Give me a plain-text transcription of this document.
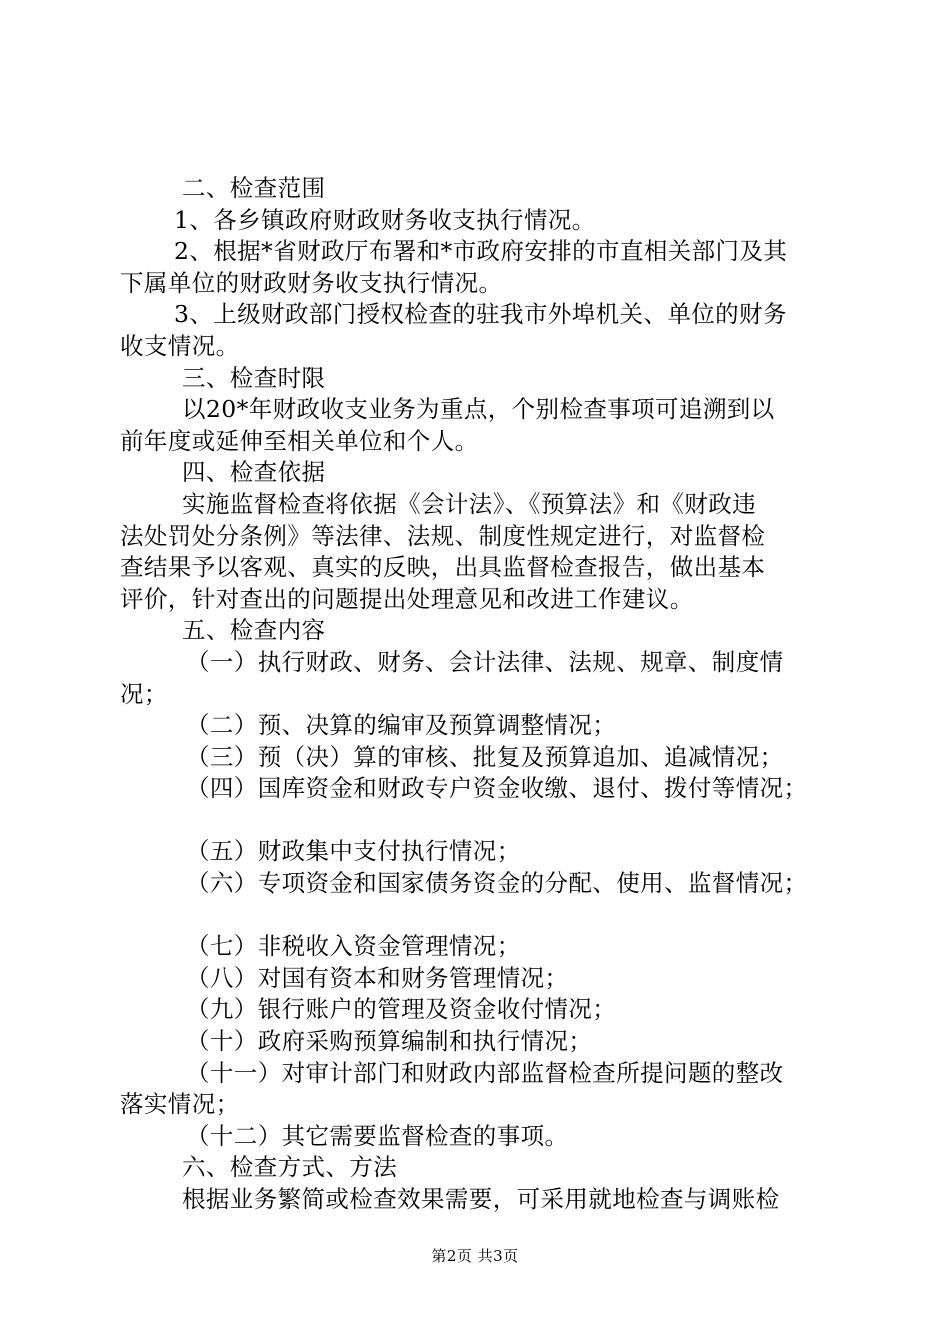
二、检查范围
1、各乡镇政府财政财务收支执行情况。
2、根据*省财政厅布署和*市政府安排的市直相关部门及其
下属单位的财政财务收支执行情况。
3、上级财政部门授权检查的驻我市外埠机关、单位的财务
收支情况。
三、检查时限
以20*年财政收支业务为重点，个别检查事项可追溯到以
前年度或延伸至相关单位和个人。
四、检查依据
实施监督检查将依据《会计法》、《预算法》和《财政违
法处罚处分条例》等法律、法规、制度性规定进行，对监督检
查结果予以客观、真实的反映，出具监督检查报告，做出基本
评价，针对查出的问题提出处理意见和改进工作建议。
五、检查内容
（一）执行财政、财务、会计法律、法规、规章、制度情
况；
（二）预、决算的编审及预算调整情况；
（三）预（决）算的审核、批复及预算追加、追减情况；
（四）国库资金和财政专户资金收缴、退付、拨付等情况；
（五）财政集中支付执行情况；
（六）专项资金和国家债务资金的分配、使用、监督情况；
（七）非税收入资金管理情况；
（八）对国有资本和财务管理情况；
（九）银行账户的管理及资金收付情况；
（十）政府采购预算编制和执行情况；
（十一）对审计部门和财政内部监督检查所提问题的整改
落实情况；
（十二）其它需要监督检查的事项。
六、检查方式、方法
根据业务繁简或检查效果需要，可采用就地检查与调账检
第2页 共3页
